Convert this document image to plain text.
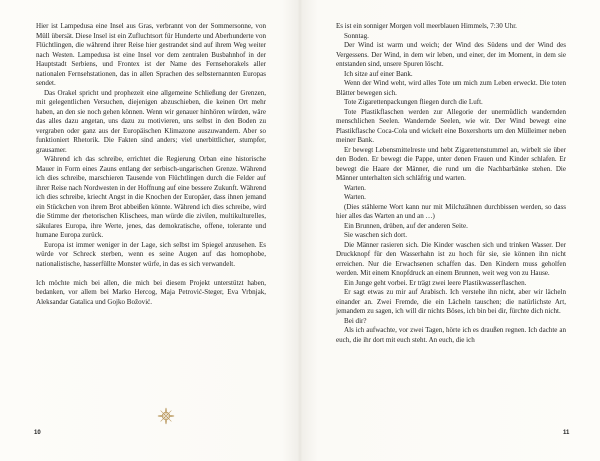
Hier ist Lampedusa eine Insel aus Gras, verbrannt von der Sommersonne, von Müll übersät. Diese Insel ist ein Zufluchtsort für Hunderte und Aberhunderte von Flüchtlingen, die während ihrer Reise hier gestrandet sind auf ihrem Weg weiter nach Westen. Lampedusa ist eine Insel vor dem zentralen Busbahnhof in der Hauptstadt Serbiens, und Frontex ist der Name des Fernsehorakels aller nationalen Fernsehstationen, das in allen Sprachen des selbsternannten Europas sendet.

Das Orakel spricht und prophezeit eine allgemeine Schließung der Grenzen, mit gelegentlichen Versuchen, diejenigen abzuschieben, die keinen Ort mehr haben, an den sie noch gehen können. Wenn wir genauer hinhören würden, wäre das alles dazu angetan, uns dazu zu motivieren, uns selbst in den Boden zu vergraben oder ganz aus der Europäischen Klimazone auszuwandern. Aber so funktioniert Rhetorik. Die Fakten sind anders; viel unerbittlicher, stumpfer, grausamer.

Während ich das schreibe, errichtet die Regierung Orban eine historische Mauer in Form eines Zauns entlang der serbisch-ungarischen Grenze. Während ich dies schreibe, marschieren Tausende von Flüchtlingen durch die Felder auf ihrer Reise nach Nordwesten in der Hoffnung auf eine bessere Zukunft. Während ich dies schreibe, kriecht Angst in die Knochen der Europäer, dass ihnen jemand ein Stückchen von ihrem Brot abbeißen könnte. Während ich dies schreibe, wird die Stimme der rhetorischen Klischees, man würde die zivilen, multikulturelles, säkulares Europa, ihre Werte, jenes, das demokratische, offene, tolerante und humane Europa zurück.

Europa ist immer weniger in der Lage, sich selbst im Spiegel anzusehen. Es würde vor Schreck sterben, wenn es seine Augen auf das homophobe, nationalistische, hasserfüllte Monster würfe, in das es sich verwandelt.

Ich möchte mich bei allen, die mich bei diesem Projekt unterstützt haben, bedanken, vor allem bei Marko Hercog, Maja Petrović-Steger, Eva Vrbnjak, Aleksandar Gatalica und Gojko Božović.

10

Es ist ein sonniger Morgen voll meerblauen Himmels, 7:30 Uhr.

Sonntag.

Der Wind ist warm und weich; der Wind des Südens und der Wind des Vergessens. Der Wind, in dem wir leben, und einer, der im Moment, in dem sie entstanden sind, unsere Spuren löscht.

Ich sitze auf einer Bank.

Wenn der Wind weht, wird alles Tote um mich zum Leben erweckt. Die toten Blätter bewegen sich.

Tote Zigarettenpackungen fliegen durch die Luft.

Tote Plastikflaschen werden zur Allegorie der unermüdlich wandernden menschlichen Seelen. Wandernde Seelen, wie wir. Der Wind bewegt eine Plastikflasche Coca-Cola und wickelt eine Boxershorts um den Mülleimer neben meiner Bank.

Er bewegt Lebensmittelreste und hebt Zigarettenstummel an, wirbelt sie über den Boden. Er bewegt die Pappe, unter denen Frauen und Kinder schlafen. Er bewegt die Haare der Männer, die rund um die Nachbarbänke stehen. Die Männer unterhalten sich schläfrig und warten.

Warten.

Warten.

(Dies stählerne Wort kann nur mit Milchzähnen durchbissen werden, so dass hier alles das Warten an und an …)

Ein Brunnen, drüben, auf der anderen Seite.

Sie waschen sich dort.

Die Männer rasieren sich. Die Kinder waschen sich und trinken Wasser. Der Druckknopf für den Wasserhahn ist zu hoch für sie, sie können ihn nicht erreichen. Nur die Erwachsenen schaffen das. Den Kindern muss geholfen werden. Mit einem Knopfdruck an einem Brunnen, weit weg von zu Hause.

Ein Junge geht vorbei. Er trägt zwei leere Plastikwasserflaschen.

Er sagt etwas zu mir auf Arabisch. Ich verstehe ihn nicht, aber wir lächeln einander an. Zwei Fremde, die ein Lächeln tauschen; die natürlichste Art, jemandem zu sagen, ich will dir nichts Böses, ich bin bei dir, fürchte dich nicht.

Bei dir?

Als ich aufwachte, vor zwei Tagen, hörte ich es draußen regnen. Ich dachte an euch, die ihr dort mit euch steht. An euch, die ich

11
